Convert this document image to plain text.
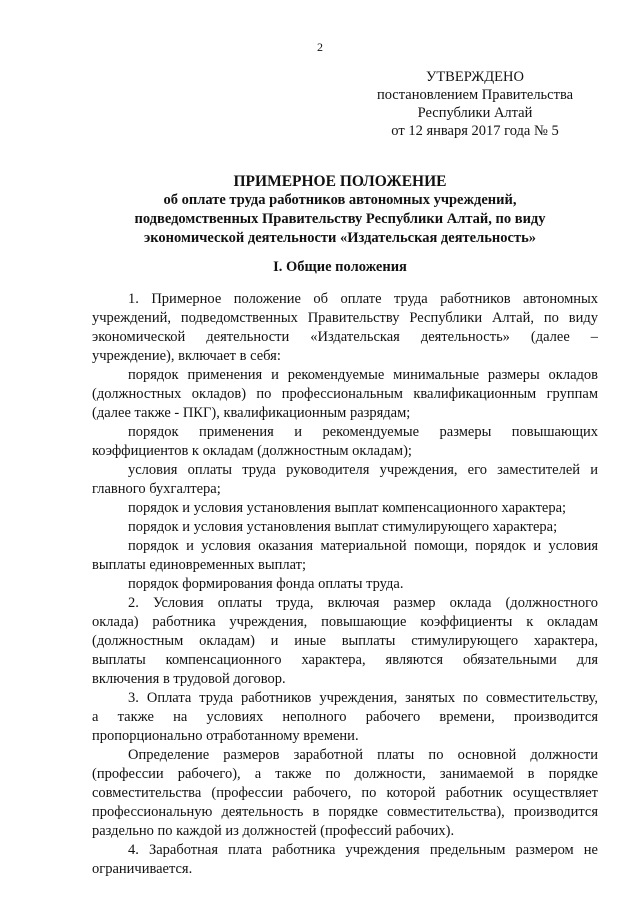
2
УТВЕРЖДЕНО
постановлением Правительства
Республики Алтай
от 12 января 2017 года № 5
ПРИМЕРНОЕ ПОЛОЖЕНИЕ
об оплате труда работников автономных учреждений,
подведомственных Правительству Республики Алтай, по виду
экономической деятельности «Издательская деятельность»
I. Общие положения
1. Примерное положение об оплате труда работников автономных
учреждений, подведомственных Правительству Республики Алтай, по виду
экономической деятельности «Издательская деятельность» (далее –
учреждение), включает в себя:
порядок применения и рекомендуемые минимальные размеры окладов
(должностных окладов) по профессиональным квалификационным группам
(далее также - ПКГ), квалификационным разрядам;
порядок применения и рекомендуемые размеры повышающих
коэффициентов к окладам (должностным окладам);
условия оплаты труда руководителя учреждения, его заместителей и
главного бухгалтера;
порядок и условия установления выплат компенсационного характера;
порядок и условия установления выплат стимулирующего характера;
порядок и условия оказания материальной помощи, порядок и условия
выплаты единовременных выплат;
порядок формирования фонда оплаты труда.
2. Условия оплаты труда, включая размер оклада (должностного
оклада) работника учреждения, повышающие коэффициенты к окладам
(должностным окладам) и иные выплаты стимулирующего характера,
выплаты компенсационного характера, являются обязательными для
включения в трудовой договор.
3. Оплата труда работников учреждения, занятых по совместительству,
а также на условиях неполного рабочего времени, производится
пропорционально отработанному времени.
Определение размеров заработной платы по основной должности
(профессии рабочего), а также по должности, занимаемой в порядке
совместительства (профессии рабочего, по которой работник осуществляет
профессиональную деятельность в порядке совместительства), производится
раздельно по каждой из должностей (профессий рабочих).
4. Заработная плата работника учреждения предельным размером не
ограничивается.
